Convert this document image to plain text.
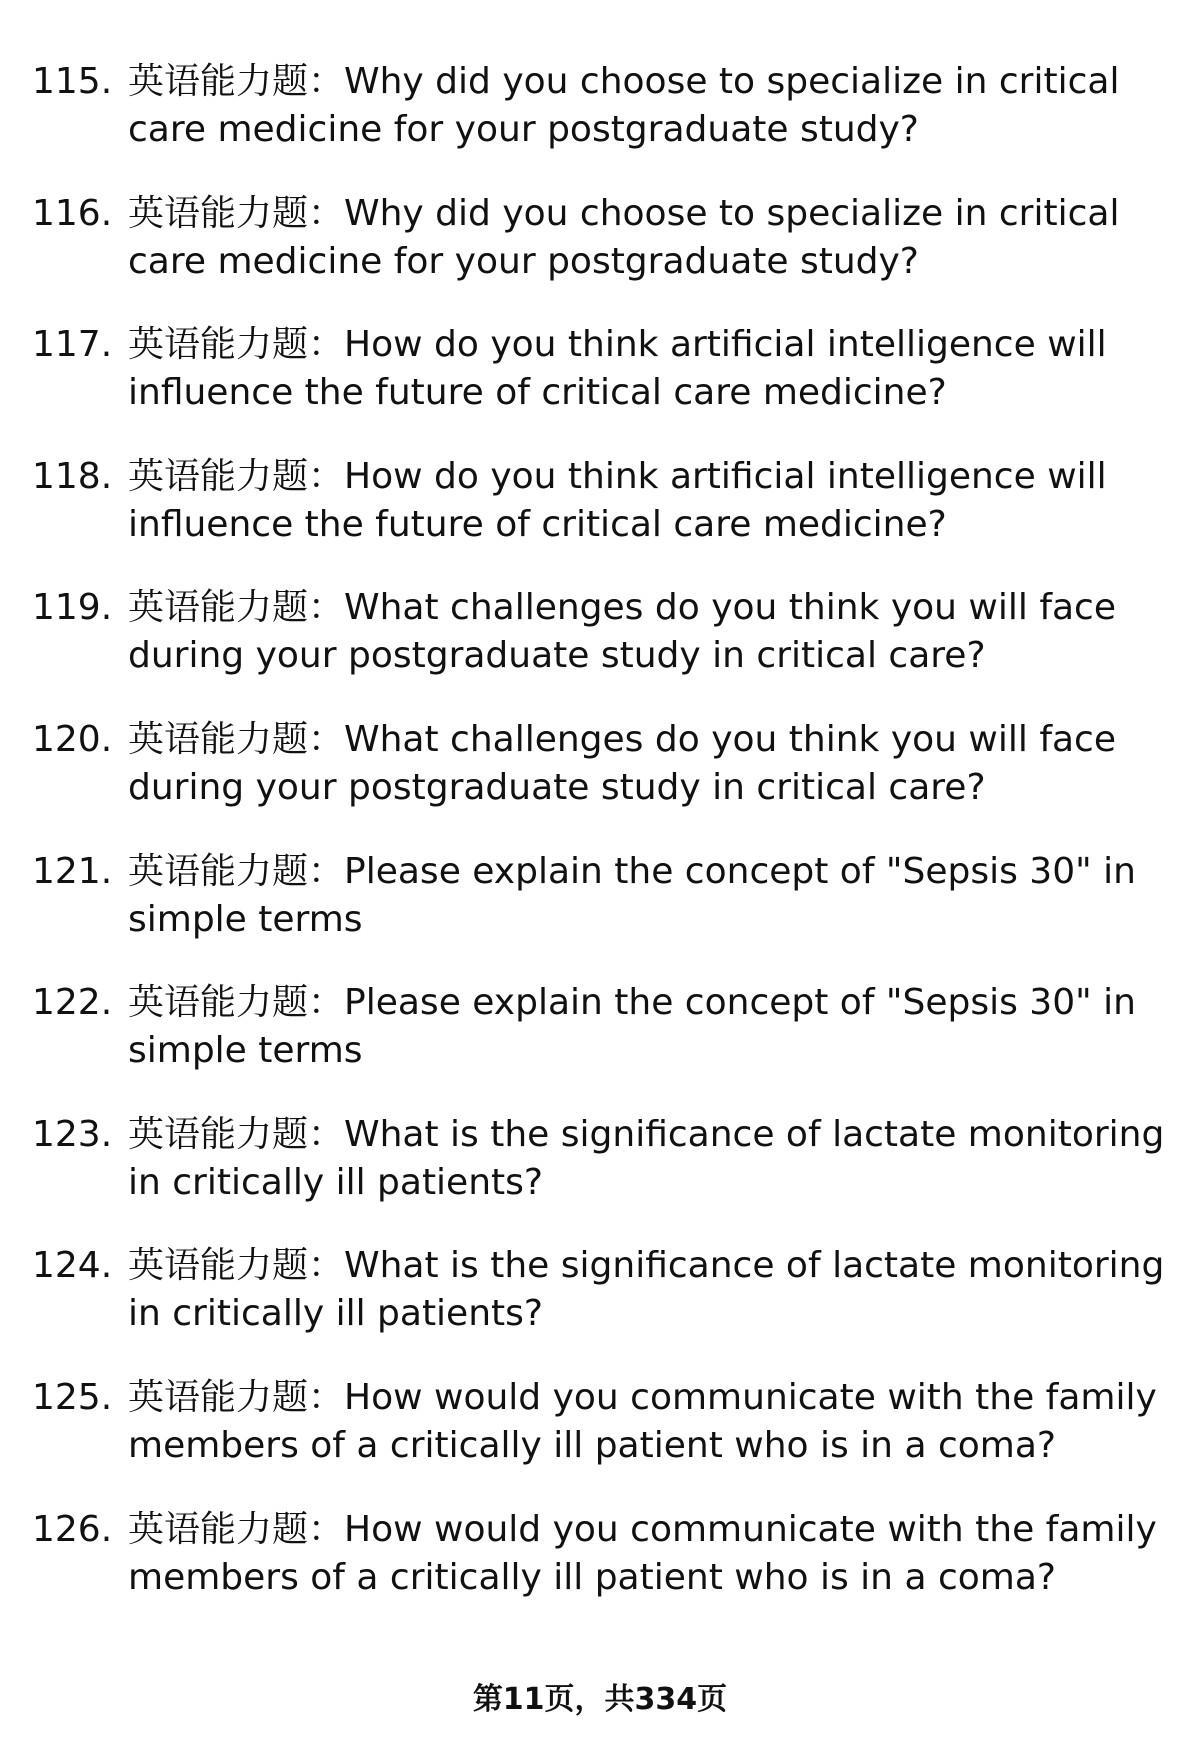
115. 英语能力题：Why did you choose to specialize in critical care medicine for your postgraduate study?
116. 英语能力题：Why did you choose to specialize in critical care medicine for your postgraduate study?
117. 英语能力题：How do you think artificial intelligence will influence the future of critical care medicine?
118. 英语能力题：How do you think artificial intelligence will influence the future of critical care medicine?
119. 英语能力题：What challenges do you think you will face during your postgraduate study in critical care?
120. 英语能力题：What challenges do you think you will face during your postgraduate study in critical care?
121. 英语能力题：Please explain the concept of "Sepsis 30" in simple terms
122. 英语能力题：Please explain the concept of "Sepsis 30" in simple terms
123. 英语能力题：What is the significance of lactate monitoring in critically ill patients?
124. 英语能力题：What is the significance of lactate monitoring in critically ill patients?
125. 英语能力题：How would you communicate with the family members of a critically ill patient who is in a coma?
126. 英语能力题：How would you communicate with the family members of a critically ill patient who is in a coma?
第11页，共334页
